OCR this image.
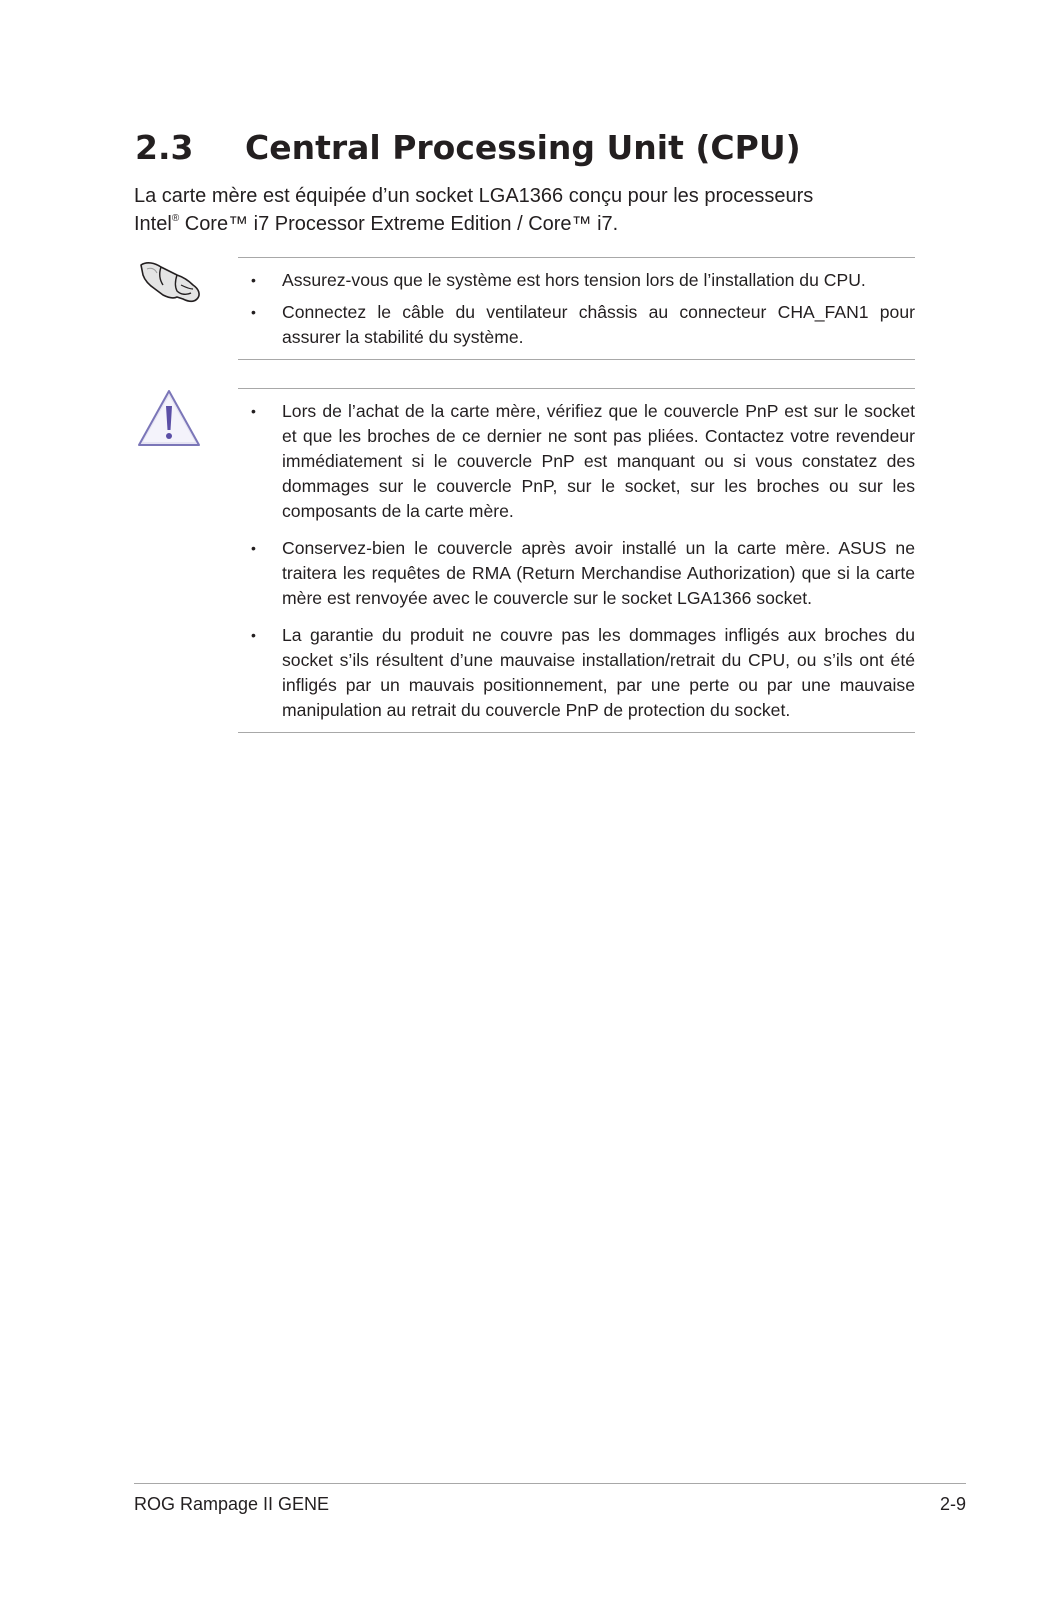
2.3 Central Processing Unit (CPU)
La carte mère est équipée d’un socket LGA1366 conçu pour les processeurs
Intel® Core™ i7 Processor Extreme Edition / Core™ i7.
• Assurez-vous que le système est hors tension lors de l’installation du CPU.
• Connectez le câble du ventilateur châssis au connecteur CHA_FAN1 pour assurer la stabilité du système.
• Lors de l’achat de la carte mère, vérifiez que le couvercle PnP est sur le socket et que les broches de ce dernier ne sont pas pliées. Contactez votre revendeur immédiatement si le couvercle PnP est manquant ou si vous constatez des dommages sur le couvercle PnP, sur le socket, sur les broches ou sur les composants de la carte mère.
• Conservez-bien le couvercle après avoir installé un la carte mère. ASUS ne traitera les requêtes de RMA (Return Merchandise Authorization) que si la carte mère est renvoyée avec le couvercle sur le socket LGA1366 socket.
• La garantie du produit ne couvre pas les dommages infligés aux broches du socket s’ils résultent d’une mauvaise installation/retrait du CPU, ou s’ils ont été infligés par un mauvais positionnement, par une perte ou par une mauvaise manipulation au retrait du couvercle PnP de protection du socket.
ROG Rampage II GENE	2-9
